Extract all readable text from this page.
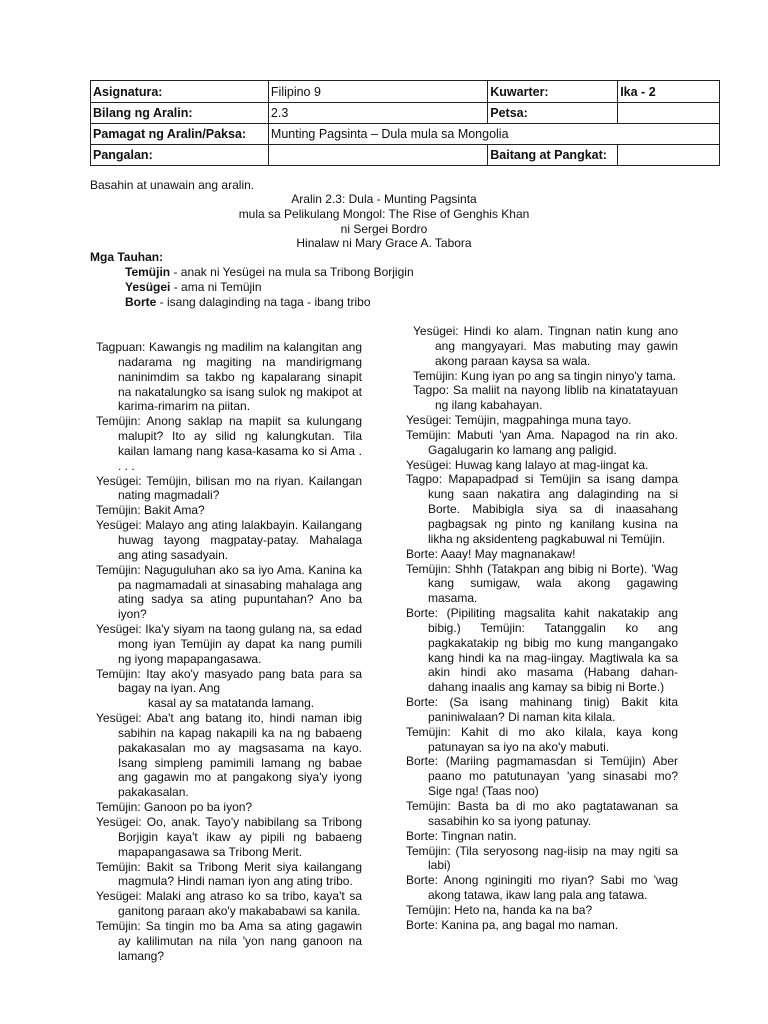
Asignatura:	Filipino 9	Kuwarter:	Ika - 2
Bilang ng Aralin:	2.3	Petsa:	
Pamagat ng Aralin/Paksa:	Munting Pagsinta – Dula mula sa Mongolia		
Pangalan:		Baitang at Pangkat:	
Basahin at unawain ang aralin.
Aralin 2.3: Dula - Munting Pagsinta
mula sa Pelikulang Mongol: The Rise of Genghis Khan
ni Sergei Bordro
Hinalaw ni Mary Grace A. Tabora
Mga Tauhan:
Temüjin - anak ni Yesügei na mula sa Tribong Borjigin
Yesügei - ama ni Temüjin
Borte - isang dalaginding na taga - ibang tribo
Tagpuan: Kawangis ng madilim na kalangitan ang nadarama ng magiting na mandirigmang naninimdim sa takbo ng kapalarang sinapit na nakatalungko sa isang sulok ng makipot at karima-rimarim na piitan.
Temüjin: Anong saklap na mapiit sa kulungang malupit? Ito ay silid ng kalungkutan. Tila kailan lamang nang kasa-kasama ko si Ama . . . .
Yesügei: Temüjin, bilisan mo na riyan. Kailangan nating magmadali?
Temüjin: Bakit Ama?
Yesügei: Malayo ang ating lalakbayin. Kailangang huwag tayong magpatay-patay. Mahalaga ang ating sasadyain.
Temüjin: Naguguluhan ako sa iyo Ama. Kanina ka pa nagmamadali at sinasabing mahalaga ang ating sadya sa ating pupuntahan? Ano ba iyon?
Yesügei: Ika'y siyam na taong gulang na, sa edad mong iyan Temüjin ay dapat ka nang pumili ng iyong mapapangasawa.
Temüjin: Itay ako'y masyado pang bata para sa bagay na iyan. Ang
kasal ay sa matatanda lamang.
Yesügei: Aba't ang batang ito, hindi naman ibig sabihin na kapag nakapili ka na ng babaeng pakakasalan mo ay magsasama na kayo. Isang simpleng pamimili lamang ng babae ang gagawin mo at pangakong siya'y iyong pakakasalan.
Temüjin: Ganoon po ba iyon?
Yesügei: Oo, anak. Tayo'y nabibilang sa Tribong Borjigin kaya't ikaw ay pipili ng babaeng mapapangasawa sa Tribong Merit.
Temüjin: Bakit sa Tribong Merit siya kailangang magmula? Hindi naman iyon ang ating tribo.
Yesügei: Malaki ang atraso ko sa tribo, kaya't sa ganitong paraan ako'y makababawi sa kanila.
Temüjin: Sa tingin mo ba Ama sa ating gagawin ay kalilimutan na nila 'yon nang ganoon na lamang?
Yesügei: Hindi ko alam. Tingnan natin kung ano ang mangyayari. Mas mabuting may gawin akong paraan kaysa sa wala.
Temüjin: Kung iyan po ang sa tingin ninyo'y tama.
Tagpo: Sa maliit na nayong liblib na kinatatayuan ng ilang kabahayan.
Yesügei: Temüjin, magpahinga muna tayo.
Temüjin: Mabuti 'yan Ama. Napagod na rin ako. Gagalugarin ko lamang ang paligid.
Yesügei: Huwag kang lalayo at mag-iingat ka.
Tagpo: Mapapadpad si Temüjin sa isang dampa kung saan nakatira ang dalaginding na si Borte. Mabibigla siya sa di inaasahang pagbagsak ng pinto ng kanilang kusina na likha ng aksidenteng pagkabuwal ni Temüjin.
Borte: Aaay! May magnanakaw!
Temüjin: Shhh (Tatakpan ang bibig ni Borte). 'Wag kang sumigaw, wala akong gagawing masama.
Borte: (Pipiliting magsalita kahit nakatakip ang bibig.) Temüjin: Tatanggalin ko ang pagkakatakip ng bibig mo kung mangangako kang hindi ka na mag-iingay. Magtiwala ka sa akin hindi ako masama (Habang dahan-dahang inaalis ang kamay sa bibig ni Borte.)
Borte: (Sa isang mahinang tinig) Bakit kita paniniwalaan? Di naman kita kilala.
Temüjin: Kahit di mo ako kilala, kaya kong patunayan sa iyo na ako'y mabuti.
Borte: (Mariing pagmamasdan si Temüjin) Aber paano mo patutunayan 'yang sinasabi mo? Sige nga! (Taas noo)
Temüjin: Basta ba di mo ako pagtatawanan sa sasabihin ko sa iyong patunay.
Borte: Tingnan natin.
Temüjin: (Tila seryosong nag-iisip na may ngiti sa labi)
Borte: Anong nginingiti mo riyan? Sabi mo 'wag akong tatawa, ikaw lang pala ang tatawa.
Temüjin: Heto na, handa ka na ba?
Borte: Kanina pa, ang bagal mo naman.
